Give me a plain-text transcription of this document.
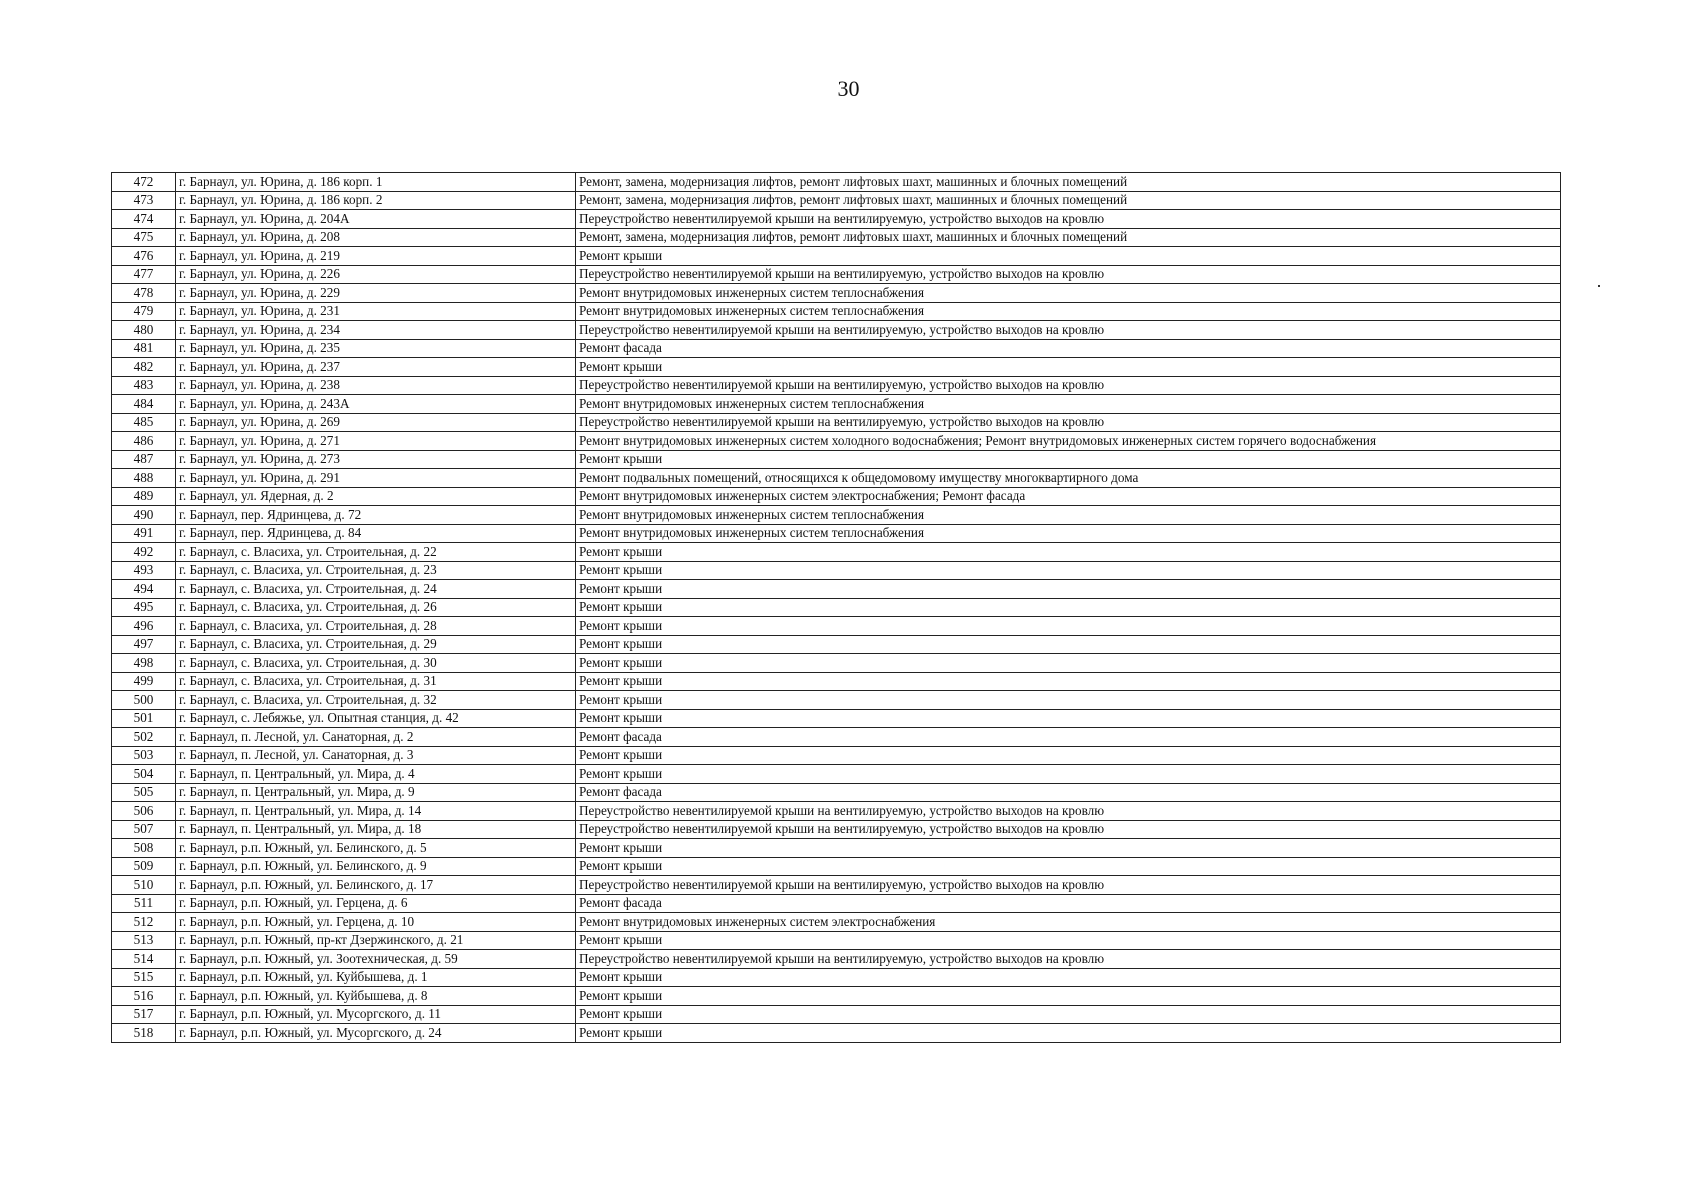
30
472	г. Барнаул, ул. Юрина, д. 186 корп. 1	Ремонт, замена, модернизация лифтов, ремонт лифтовых шахт, машинных и блочных помещений
473	г. Барнаул, ул. Юрина, д. 186 корп. 2	Ремонт, замена, модернизация лифтов, ремонт лифтовых шахт, машинных и блочных помещений
474	г. Барнаул, ул. Юрина, д. 204А	Переустройство невентилируемой крыши на вентилируемую, устройство выходов на кровлю
475	г. Барнаул, ул. Юрина, д. 208	Ремонт, замена, модернизация лифтов, ремонт лифтовых шахт, машинных и блочных помещений
476	г. Барнаул, ул. Юрина, д. 219	Ремонт крыши
477	г. Барнаул, ул. Юрина, д. 226	Переустройство невентилируемой крыши на вентилируемую, устройство выходов на кровлю
478	г. Барнаул, ул. Юрина, д. 229	Ремонт внутридомовых инженерных систем теплоснабжения
479	г. Барнаул, ул. Юрина, д. 231	Ремонт внутридомовых инженерных систем теплоснабжения
480	г. Барнаул, ул. Юрина, д. 234	Переустройство невентилируемой крыши на вентилируемую, устройство выходов на кровлю
481	г. Барнаул, ул. Юрина, д. 235	Ремонт фасада
482	г. Барнаул, ул. Юрина, д. 237	Ремонт крыши
483	г. Барнаул, ул. Юрина, д. 238	Переустройство невентилируемой крыши на вентилируемую, устройство выходов на кровлю
484	г. Барнаул, ул. Юрина, д. 243А	Ремонт внутридомовых инженерных систем теплоснабжения
485	г. Барнаул, ул. Юрина, д. 269	Переустройство невентилируемой крыши на вентилируемую, устройство выходов на кровлю
486	г. Барнаул, ул. Юрина, д. 271	Ремонт внутридомовых инженерных систем холодного водоснабжения; Ремонт внутридомовых инженерных систем горячего водоснабжения
487	г. Барнаул, ул. Юрина, д. 273	Ремонт крыши
488	г. Барнаул, ул. Юрина, д. 291	Ремонт подвальных помещений, относящихся к общедомовому имуществу многоквартирного дома
489	г. Барнаул, ул. Ядерная, д. 2	Ремонт внутридомовых инженерных систем электроснабжения; Ремонт фасада
490	г. Барнаул, пер. Ядринцева, д. 72	Ремонт внутридомовых инженерных систем теплоснабжения
491	г. Барнаул, пер. Ядринцева, д. 84	Ремонт внутридомовых инженерных систем теплоснабжения
492	г. Барнаул, с. Власиха, ул. Строительная, д. 22	Ремонт крыши
493	г. Барнаул, с. Власиха, ул. Строительная, д. 23	Ремонт крыши
494	г. Барнаул, с. Власиха, ул. Строительная, д. 24	Ремонт крыши
495	г. Барнаул, с. Власиха, ул. Строительная, д. 26	Ремонт крыши
496	г. Барнаул, с. Власиха, ул. Строительная, д. 28	Ремонт крыши
497	г. Барнаул, с. Власиха, ул. Строительная, д. 29	Ремонт крыши
498	г. Барнаул, с. Власиха, ул. Строительная, д. 30	Ремонт крыши
499	г. Барнаул, с. Власиха, ул. Строительная, д. 31	Ремонт крыши
500	г. Барнаул, с. Власиха, ул. Строительная, д. 32	Ремонт крыши
501	г. Барнаул, с. Лебяжье, ул. Опытная станция, д. 42	Ремонт крыши
502	г. Барнаул, п. Лесной, ул. Санаторная, д. 2	Ремонт фасада
503	г. Барнаул, п. Лесной, ул. Санаторная, д. 3	Ремонт крыши
504	г. Барнаул, п. Центральный, ул. Мира, д. 4	Ремонт крыши
505	г. Барнаул, п. Центральный, ул. Мира, д. 9	Ремонт фасада
506	г. Барнаул, п. Центральный, ул. Мира, д. 14	Переустройство невентилируемой крыши на вентилируемую, устройство выходов на кровлю
507	г. Барнаул, п. Центральный, ул. Мира, д. 18	Переустройство невентилируемой крыши на вентилируемую, устройство выходов на кровлю
508	г. Барнаул, р.п. Южный, ул. Белинского, д. 5	Ремонт крыши
509	г. Барнаул, р.п. Южный, ул. Белинского, д. 9	Ремонт крыши
510	г. Барнаул, р.п. Южный, ул. Белинского, д. 17	Переустройство невентилируемой крыши на вентилируемую, устройство выходов на кровлю
511	г. Барнаул, р.п. Южный, ул. Герцена, д. 6	Ремонт фасада
512	г. Барнаул, р.п. Южный, ул. Герцена, д. 10	Ремонт внутридомовых инженерных систем электроснабжения
513	г. Барнаул, р.п. Южный, пр-кт Дзержинского, д. 21	Ремонт крыши
514	г. Барнаул, р.п. Южный, ул. Зоотехническая, д. 59	Переустройство невентилируемой крыши на вентилируемую, устройство выходов на кровлю
515	г. Барнаул, р.п. Южный, ул. Куйбышева, д. 1	Ремонт крыши
516	г. Барнаул, р.п. Южный, ул. Куйбышева, д. 8	Ремонт крыши
517	г. Барнаул, р.п. Южный, ул. Мусоргского, д. 11	Ремонт крыши
518	г. Барнаул, р.п. Южный, ул. Мусоргского, д. 24	Ремонт крыши
